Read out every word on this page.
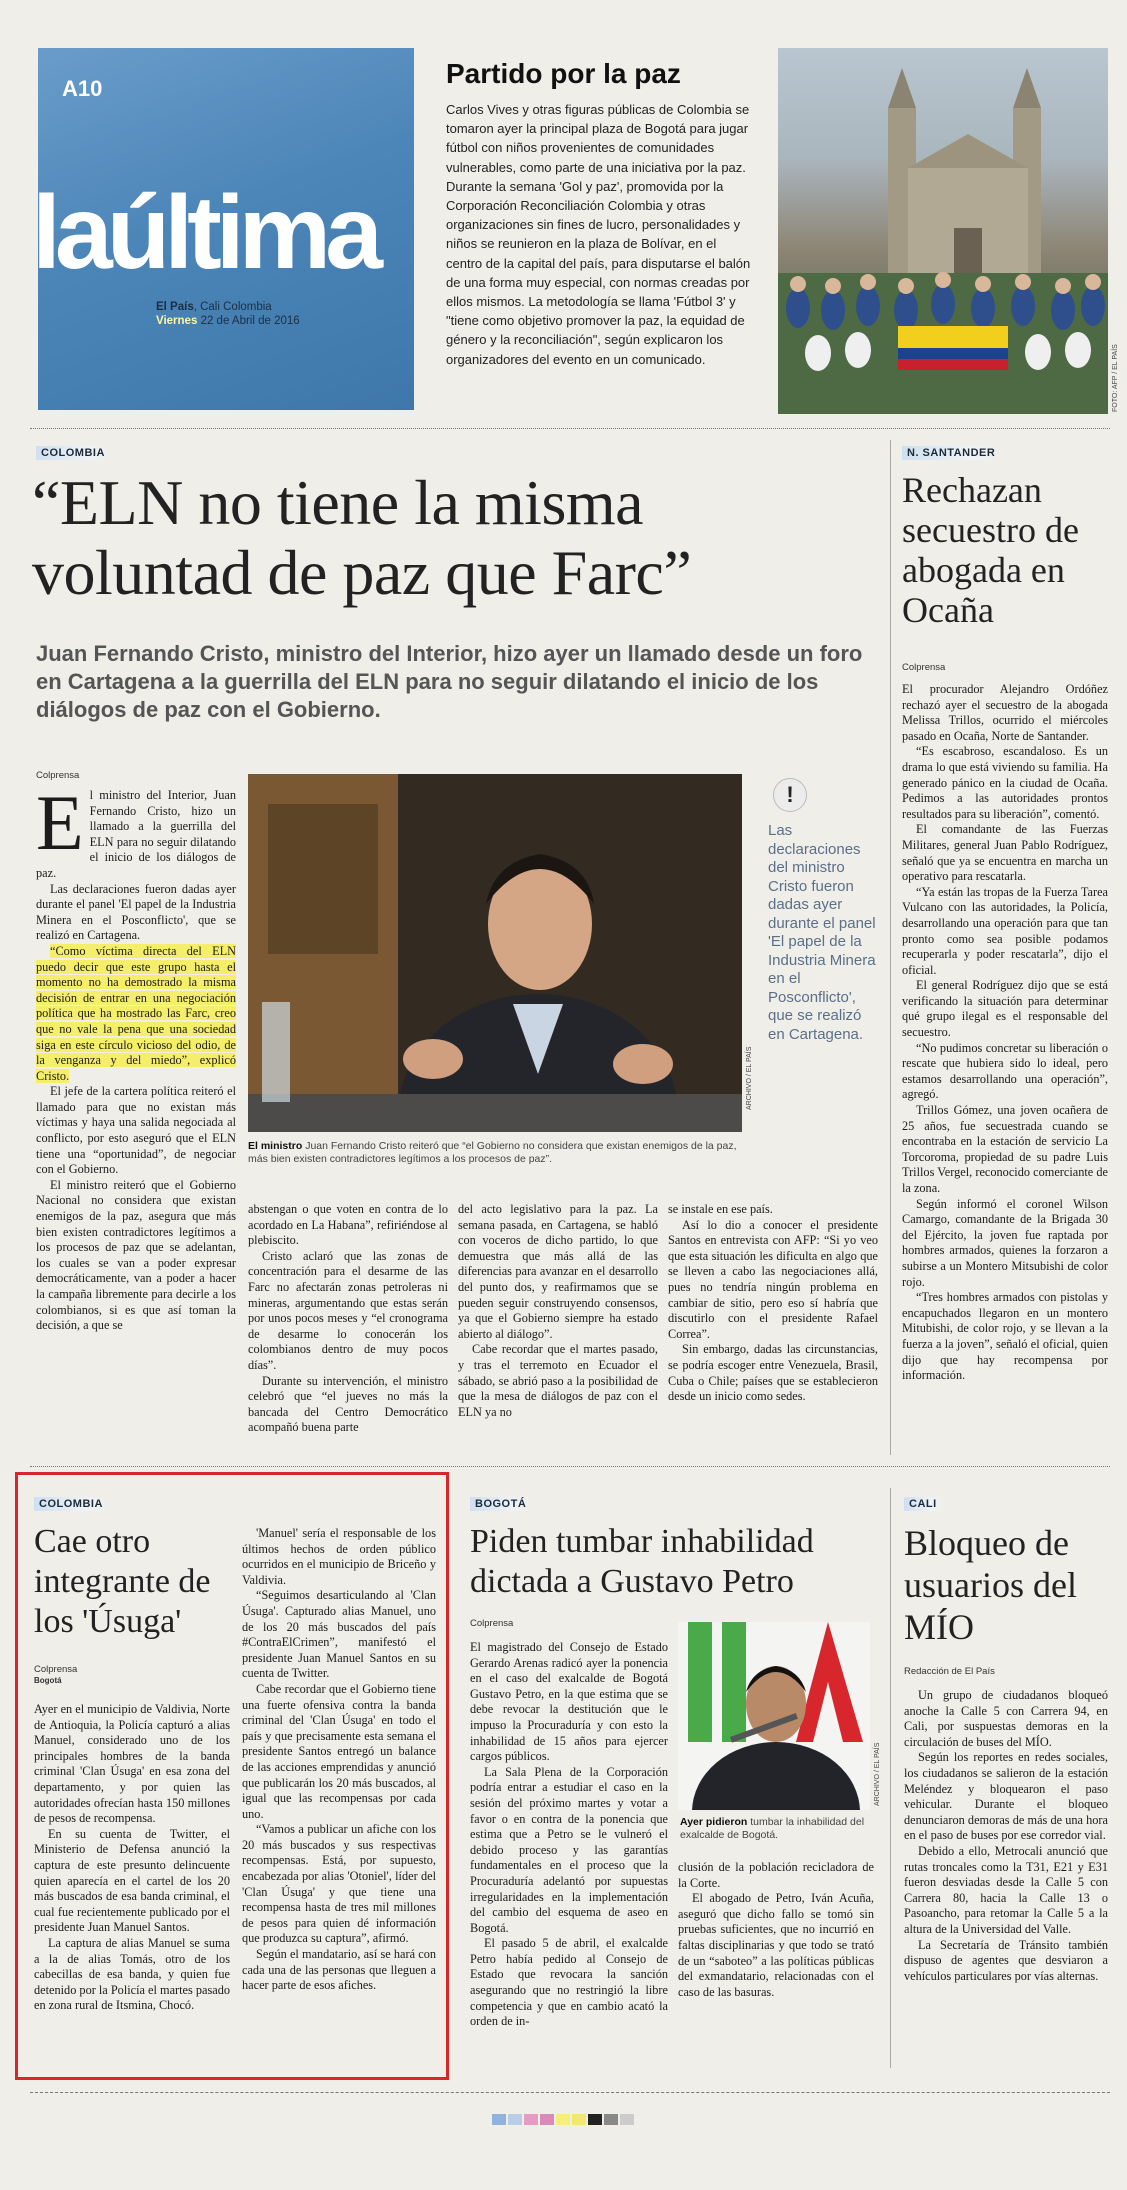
A10
laúltima
El País, Cali Colombia
Viernes 22 de Abril de 2016
Partido por la paz
Carlos Vives y otras figuras públicas de Colombia se tomaron ayer la principal plaza de Bogotá para jugar fútbol con niños provenientes de comunidades vulnerables, como parte de una iniciativa por la paz. Durante la semana 'Gol y paz', promovida por la Corporación Reconciliación Colombia y otras organizaciones sin fines de lucro, personalidades y niños se reunieron en la plaza de Bolívar, en el centro de la capital del país, para disputarse el balón de una forma muy especial, con normas creadas por ellos mismos. La metodología se llama 'Fútbol 3' y "tiene como objetivo promover la paz, la equidad de género y la reconciliación", según explicaron los organizadores del evento en un comunicado.	FOTO: AFP / EL PAÍS
COLOMBIA
“ELN no tiene la misma
voluntad de paz que Farc”
Juan Fernando Cristo, ministro del Interior, hizo ayer un llamado desde un foro en Cartagena a la guerrilla del ELN para no seguir dilatando el inicio de los diálogos de paz con el Gobierno.
Colprensa

El ministro del Interior, Juan Fernando Cristo, hizo un llamado a la guerrilla del ELN para no seguir dilatando el inicio de los diálogos de paz.

Las declaraciones fueron dadas ayer durante el panel 'El papel de la Industria Minera en el Posconflicto', que se realizó en Cartagena.

“Como víctima directa del ELN puedo decir que este grupo hasta el momento no ha demostrado la misma decisión de entrar en una negociación política que ha mostrado las Farc, creo que no vale la pena que una sociedad siga en este círculo vicioso del odio, de la venganza y del miedo”, explicó Cristo.

El jefe de la cartera política reiteró el llamado para que no existan más víctimas y haya una salida negociada al conflicto, por esto aseguró que el ELN tiene una “oportunidad”, de negociar con el Gobierno.

El ministro reiteró que el Gobierno Nacional no considera que existan enemigos de la paz, asegura que más bien existen contradictores legítimos a los procesos de paz que se adelantan, los cuales se van a poder expresar democráticamente, van a poder a hacer la campaña libremente para decirle a los colombianos, si es que así toman la decisión, a que se

ARCHIVO / EL PAÍS
El ministro Juan Fernando Cristo reiteró que “el Gobierno no considera que existan enemigos de la paz, más bien existen contradictores legítimos a los procesos de paz”.
!
Las declaraciones del ministro Cristo fueron dadas ayer durante el panel 'El papel de la Industria Minera en el Posconflicto', que se realizó en Cartagena.

abstengan o que voten en contra de lo acordado en La Habana”, refiriéndose al plebiscito.

Cristo aclaró que las zonas de concentración para el desarme de las Farc no afectarán zonas petroleras ni mineras, argumentando que estas serán por unos pocos meses y “el cronograma de desarme lo conocerán los colombianos dentro de muy pocos días”.

Durante su intervención, el ministro celebró que “el jueves no más la bancada del Centro Democrático acompañó buena parte

del acto legislativo para la paz. La semana pasada, en Cartagena, se habló con voceros de dicho partido, lo que demuestra que más allá de las diferencias para avanzar en el desarrollo del punto dos, y reafirmamos que se pueden seguir construyendo consensos, ya que el Gobierno siempre ha estado abierto al diálogo”.

Cabe recordar que el martes pasado, y tras el terremoto en Ecuador el sábado, se abrió paso a la posibilidad de que la mesa de diálogos de paz con el ELN ya no

se instale en ese país.

Así lo dio a conocer el presidente Santos en entrevista con AFP: “Si yo veo que esta situación les dificulta en algo que se lleven a cabo las negociaciones allá, pues no tendría ningún problema en cambiar de sitio, pero eso sí habría que discutirlo con el presidente Rafael Correa”.

Sin embargo, dadas las circunstancias, se podría escoger entre Venezuela, Brasil, Cuba o Chile; países que se establecieron desde un inicio como sedes.

N. SANTANDER
Rechazan secuestro de abogada en Ocaña
Colprensa

El procurador Alejandro Ordóñez rechazó ayer el secuestro de la abogada Melissa Trillos, ocurrido el miércoles pasado en Ocaña, Norte de Santander.

“Es escabroso, escandaloso. Es un drama lo que está viviendo su familia. Ha generado pánico en la ciudad de Ocaña. Pedimos a las autoridades prontos resultados para su liberación”, comentó.

El comandante de las Fuerzas Militares, general Juan Pablo Rodríguez, señaló que ya se encuentra en marcha un operativo para rescatarla.

“Ya están las tropas de la Fuerza Tarea Vulcano con las autoridades, la Policía, desarrollando una operación para que tan pronto como sea posible podamos recuperarla y poder rescatarla”, dijo el oficial.

El general Rodríguez dijo que se está verificando la situación para determinar qué grupo ilegal es el responsable del secuestro.

“No pudimos concretar su liberación o rescate que hubiera sido lo ideal, pero estamos desarrollando una operación”, agregó.

Trillos Gómez, una joven ocañera de 25 años, fue secuestrada cuando se encontraba en la estación de servicio La Torcoroma, propiedad de su padre Luis Trillos Vergel, reconocido comerciante de la zona.

Según informó el coronel Wilson Camargo, comandante de la Brigada 30 del Ejército, la joven fue raptada por hombres armados, quienes la forzaron a subirse a un Montero Mitsubishi de color rojo.

“Tres hombres armados con pistolas y encapuchados llegaron en un montero Mitubishi, de color rojo, y se llevan a la fuerza a la joven”, señaló el oficial, quien dijo que hay recompensa por información.

COLOMBIA
Cae otro integrante de los 'Úsuga'
Colprensa
Bogotá

Ayer en el municipio de Valdivia, Norte de Antioquia, la Policía capturó a alias Manuel, considerado uno de los principales hombres de la banda criminal 'Clan Úsuga' en esa zona del departamento, y por quien las autoridades ofrecían hasta 150 millones de pesos de recompensa.

En su cuenta de Twitter, el Ministerio de Defensa anunció la captura de este presunto delincuente quien aparecía en el cartel de los 20 más buscados de esa banda criminal, el cual fue recientemente publicado por el presidente Juan Manuel Santos.

La captura de alias Manuel se suma a la de alias Tomás, otro de los cabecillas de esa banda, y quien fue detenido por la Policía el martes pasado en zona rural de Itsmina, Chocó.

'Manuel' sería el responsable de los últimos hechos de orden público ocurridos en el municipio de Briceño y Valdivia.

“Seguimos desarticulando al 'Clan Úsuga'. Capturado alias Manuel, uno de los 20 más buscados del país #ContraElCrimen”, manifestó el presidente Juan Manuel Santos en su cuenta de Twitter.

Cabe recordar que el Gobierno tiene una fuerte ofensiva contra la banda criminal del 'Clan Úsuga' en todo el país y que precisamente esta semana el presidente Santos entregó un balance de las acciones emprendidas y anunció que publicarán los 20 más buscados, al igual que las recompensas por cada uno.

“Vamos a publicar un afiche con los 20 más buscados y sus respectivas recompensas. Está, por supuesto, encabezada por alias 'Otoniel', líder del 'Clan Úsuga' y que tiene una recompensa hasta de tres mil millones de pesos para quien dé información que produzca su captura”, afirmó.

Según el mandatario, así se hará con cada una de las personas que lleguen a hacer parte de esos afiches.

BOGOTÁ
Piden tumbar inhabilidad dictada a Gustavo Petro
Colprensa

El magistrado del Consejo de Estado Gerardo Arenas radicó ayer la ponencia en el caso del exalcalde de Bogotá Gustavo Petro, en la que estima que se debe revocar la destitución que le impuso la Procuraduría y con esto la inhabilidad de 15 años para ejercer cargos públicos.

La Sala Plena de la Corporación podría entrar a estudiar el caso en la sesión del próximo martes y votar a favor o en contra de la ponencia que estima que a Petro se le vulneró el debido proceso y las garantías fundamentales en el proceso que la Procuraduría adelantó por supuestas irregularidades en la implementación del cambio del esquema de aseo en Bogotá.

El pasado 5 de abril, el exalcalde Petro había pedido al Consejo de Estado que revocara la sanción asegurando que no restringió la libre competencia y que en cambio acató la orden de in-

ARCHIVO / EL PAÍS
Ayer pidieron tumbar la inhabilidad del exalcalde de Bogotá.

clusión de la población recicladora de la Corte.

El abogado de Petro, Iván Acuña, aseguró que dicho fallo se tomó sin pruebas suficientes, que no incurrió en faltas disciplinarias y que todo se trató de un “saboteo” a las políticas públicas del exmandatario, relacionadas con el caso de las basuras.

CALI
Bloqueo de usuarios del MÍO
Redacción de El País

Un grupo de ciudadanos bloqueó anoche la Calle 5 con Carrera 94, en Cali, por suspuestas demoras en la circulación de buses del MÍO.

Según los reportes en redes sociales, los ciudadanos se salieron de la estación Meléndez y bloquearon el paso vehicular. Durante el bloqueo denunciaron demoras de más de una hora en el paso de buses por ese corredor vial.

Debido a ello, Metrocali anunció que rutas troncales como la T31, E21 y E31 fueron desviadas desde la Calle 5 con Carrera 80, hacia la Calle 13 o Pasoancho, para retomar la Calle 5 a la altura de la Universidad del Valle.

La Secretaría de Tránsito también dispuso de agentes que desviaron a vehículos particulares por vías alternas.
